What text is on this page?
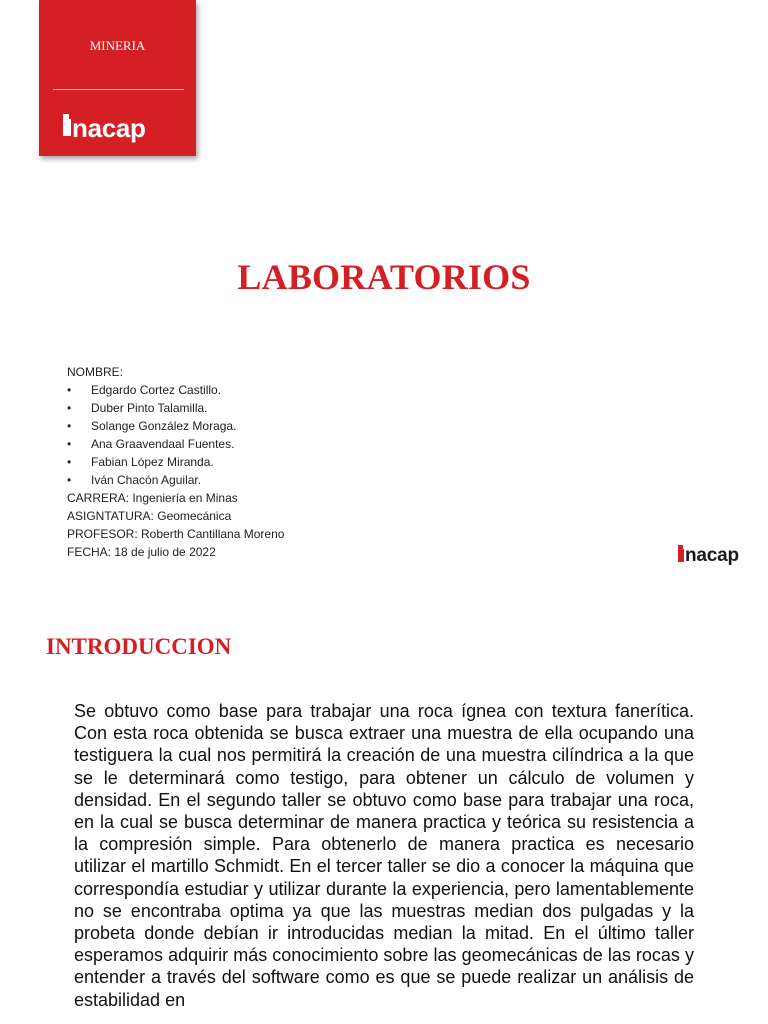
MINERIA
nacap
LABORATORIOS
NOMBRE:
•	Edgardo Cortez Castillo.
•	Duber Pinto Talamilla.
•	Solange González Moraga.
•	Ana Graavendaal Fuentes.
•	Fabian López Miranda.
•	Iván Chacón Aguilar.
CARRERA: Ingeniería en Minas
ASIGNTATURA: Geomecánica
PROFESOR: Roberth Cantillana Moreno
FECHA: 18 de julio de 2022	nacap
INTRODUCCION

Se obtuvo como base para trabajar una roca ígnea con textura fanerítica. Con esta roca obtenida se busca extraer una muestra de ella ocupando una testiguera la cual nos permitirá la creación de una muestra cilíndrica a la que se le determinará como testigo, para obtener un cálculo de volumen y densidad. En el segundo taller se obtuvo como base para trabajar una roca, en la cual se busca determinar de manera practica y teórica su resistencia a la compresión simple. Para obtenerlo de manera practica es necesario utilizar el martillo Schmidt. En el tercer taller se dio a conocer la máquina que correspondía estudiar y utilizar durante la experiencia, pero lamentablemente no se encontraba optima ya que las muestras median dos pulgadas y la probeta donde debían ir introducidas median la mitad. En el último taller esperamos adquirir más conocimiento sobre las geomecánicas de las rocas y entender a través del software como es que se puede realizar un análisis de estabilidad en
